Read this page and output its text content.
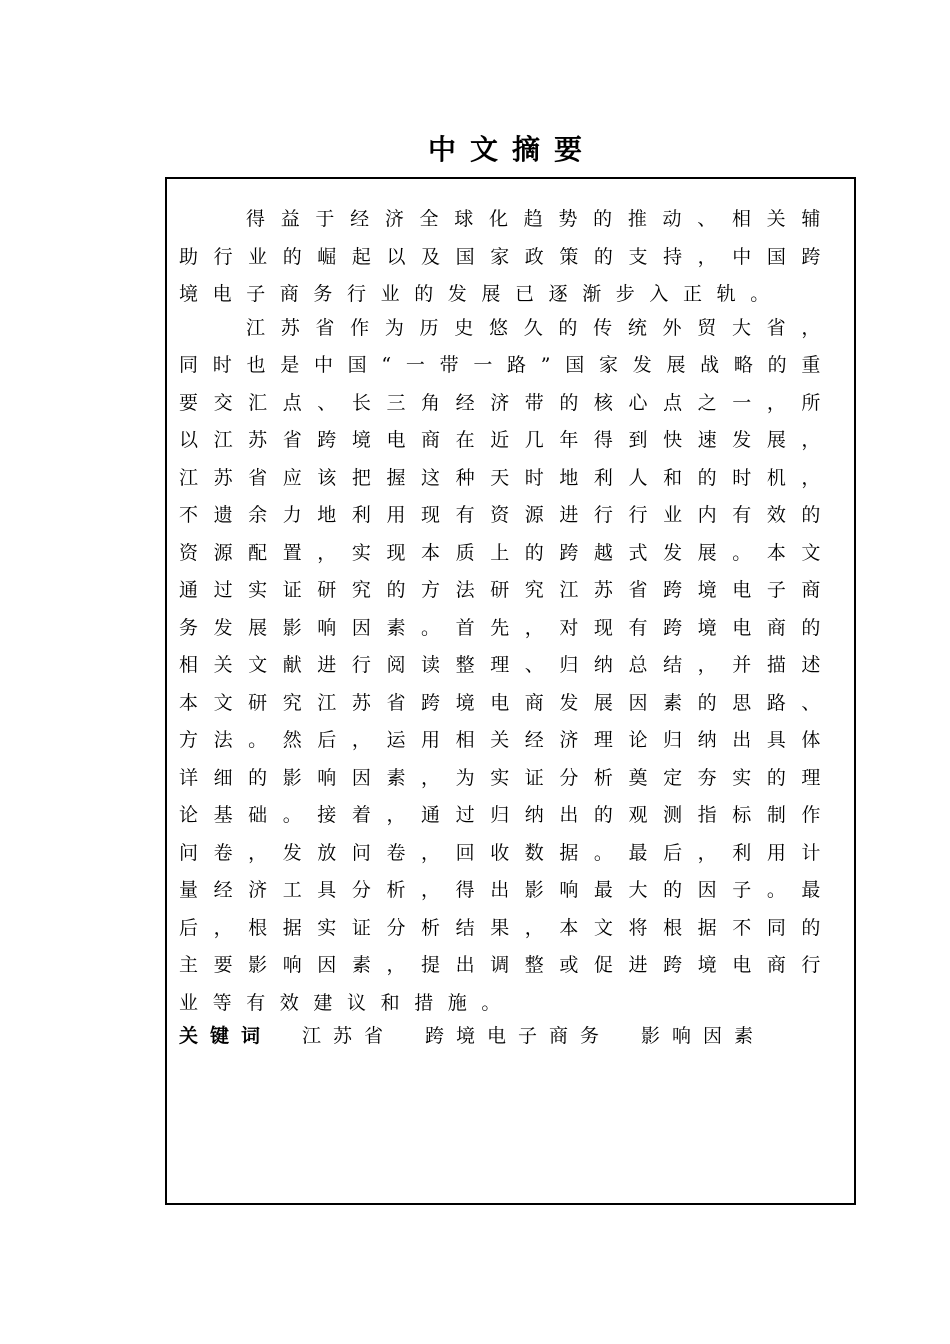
中文摘要

得益于经济全球化趋势的推动、相关辅助行业的崛起以及国家政策的支持，中国跨境电子商务行业的发展已逐渐步入正轨。

江苏省作为历史悠久的传统外贸大省，同时也是中国“一带一路”国家发展战略的重要交汇点、长三角经济带的核心点之一，所以江苏省跨境电商在近几年得到快速发展，江苏省应该把握这种天时地利人和的时机，不遗余力地利用现有资源进行行业内有效的资源配置，实现本质上的跨越式发展。本文通过实证研究的方法研究江苏省跨境电子商务发展影响因素。首先，对现有跨境电商的相关文献进行阅读整理、归纳总结，并描述本文研究江苏省跨境电商发展因素的思路、方法。然后，运用相关经济理论归纳出具体详细的影响因素，为实证分析奠定夯实的理论基础。接着，通过归纳出的观测指标制作问卷，发放问卷，回收数据。最后，利用计量经济工具分析，得出影响最大的因子。最后，根据实证分析结果，本文将根据不同的主要影响因素，提出调整或促进跨境电商行业等有效建议和措施。

关键词 江苏省 跨境电子商务 影响因素
